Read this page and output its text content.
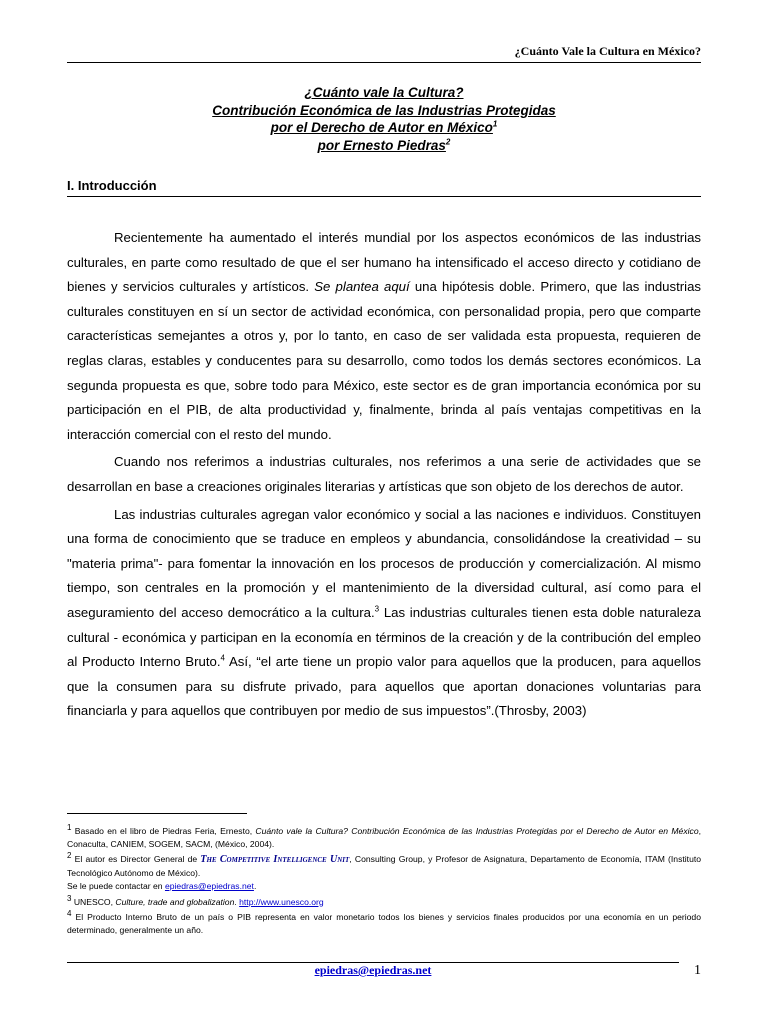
¿Cuánto Vale la Cultura en México?
¿Cuánto vale la Cultura?
Contribución Económica de las Industrias Protegidas
por el Derecho de Autor en México$^1$
por Ernesto Piedras$^2$
I. Introducción

Recientemente ha aumentado el interés mundial por los aspectos económicos de las industrias culturales, en parte como resultado de que el ser humano ha intensificado el acceso directo y cotidiano de bienes y servicios culturales y artísticos. Se plantea aquí una hipótesis doble. Primero, que las industrias culturales constituyen en sí un sector de actividad económica, con personalidad propia, pero que comparte características semejantes a otros y, por lo tanto, en caso de ser validada esta propuesta, requieren de reglas claras, estables y conducentes para su desarrollo, como todos los demás sectores económicos. La segunda propuesta es que, sobre todo para México, este sector es de gran importancia económica por su participación en el PIB, de alta productividad y, finalmente, brinda al país ventajas competitivas en la interacción comercial con el resto del mundo.

Cuando nos referimos a industrias culturales, nos referimos a una serie de actividades que se desarrollan en base a creaciones originales literarias y artísticas que son objeto de los derechos de autor.

Las industrias culturales agregan valor económico y social a las naciones e individuos. Constituyen una forma de conocimiento que se traduce en empleos y abundancia, consolidándose la creatividad – su "materia prima"- para fomentar la innovación en los procesos de producción y comercialización. Al mismo tiempo, son centrales en la promoción y el mantenimiento de la diversidad cultural, así como para el aseguramiento del acceso democrático a la cultura.$^3$ Las industrias culturales tienen esta doble naturaleza cultural - económica y participan en la economía en términos de la creación y de la contribución del empleo al Producto Interno Bruto.$^4$ Así, “el arte tiene un propio valor para aquellos que la producen, para aquellos que la consumen para su disfrute privado, para aquellos que aportan donaciones voluntarias para financiarla y para aquellos que contribuyen por medio de sus impuestos”.(Throsby, 2003)

$^1$ Basado en el libro de Piedras Feria, Ernesto, Cuánto vale la Cultura? Contribución Económica de las Industrias Protegidas por el Derecho de Autor en México, Conaculta, CANIEM, SOGEM, SACM, (México, 2004).

$^2$ El autor es Director General de The Competitive Intelligence Unit, Consulting Group, y Profesor de Asignatura, Departamento de Economía, ITAM (Instituto Tecnológico Autónomo de México).

Se le puede contactar en epiedras@epiedras.net.

$^3$ UNESCO, Culture, trade and globalization. http://www.unesco.org

$^4$ El Producto Interno Bruto de un país o PIB representa en valor monetario todos los bienes y servicios finales producidos por una economía en un periodo determinado, generalmente un año.

epiedras@epiedras.net	1
